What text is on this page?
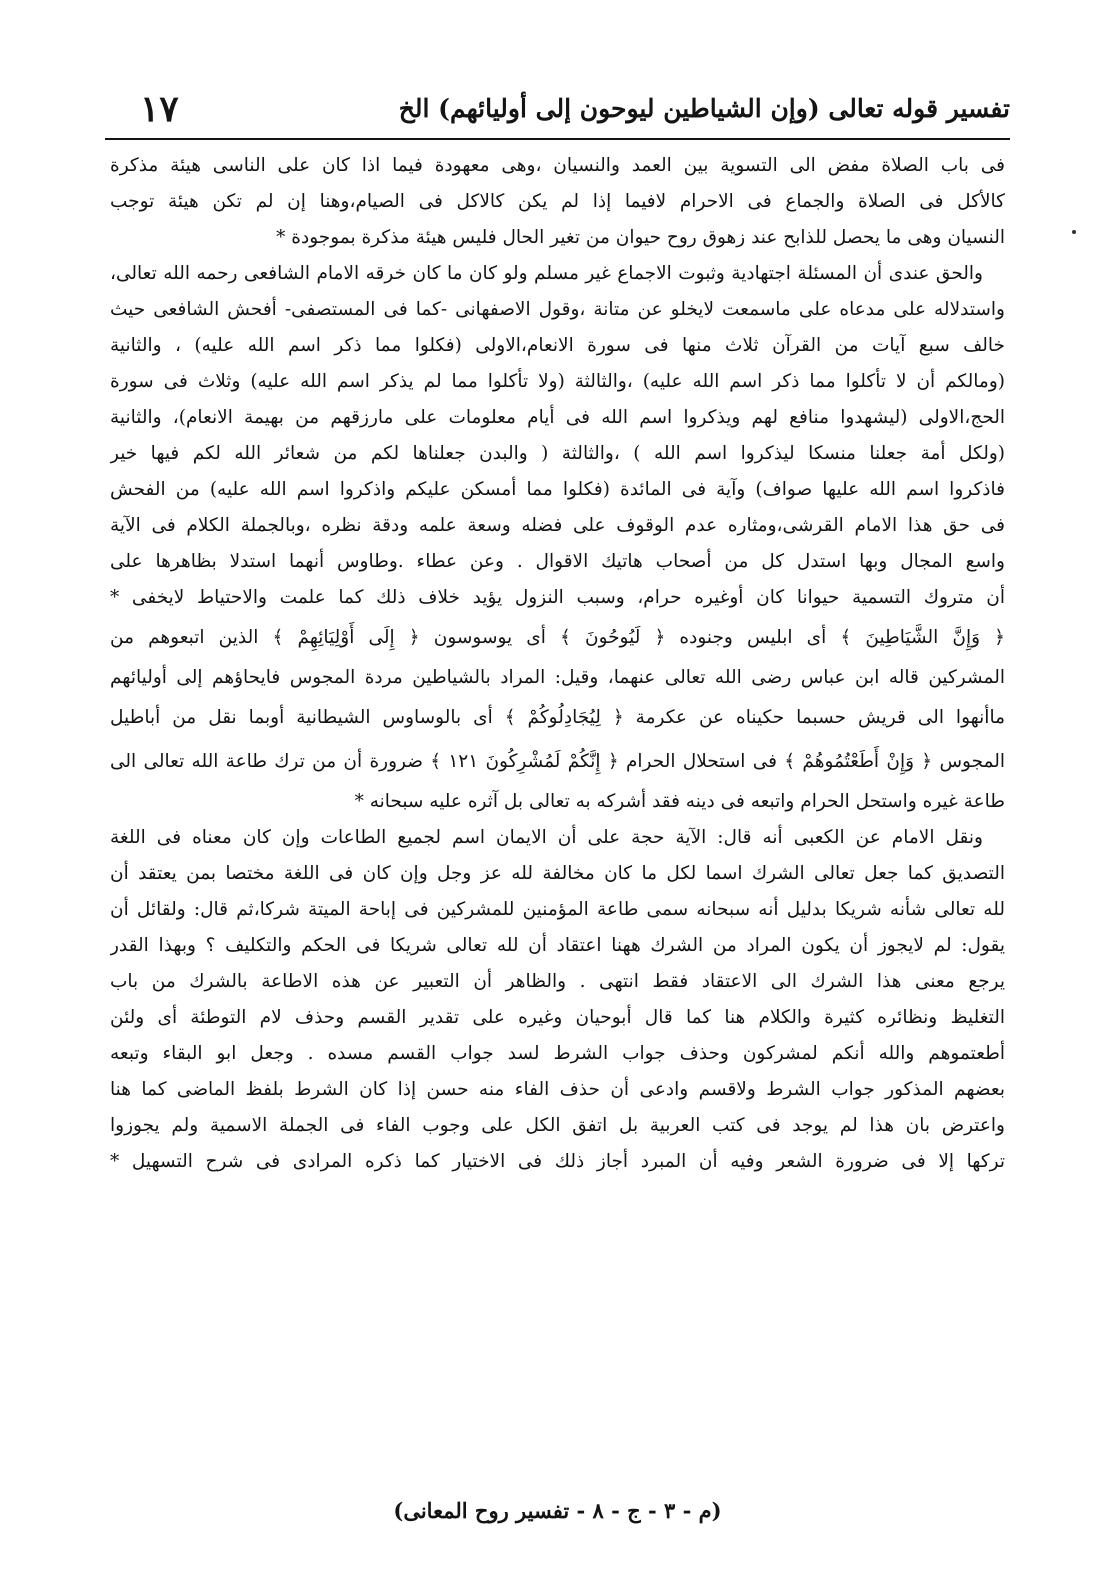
تفسير قوله تعالى (وإن الشياطين ليوحون إلى أوليائهم) الخ
١٧
فى باب الصلاة مفض الى التسوية بين العمد والنسيان ،وهى معهودة فيما اذا كان على الناسى هيئة مذكرة
كالأكل فى الصلاة والجماع فى الاحرام لافيما إذا لم يكن كالاكل فى الصيام،وهنا إن لم تكن هيئة توجب
النسيان وهى ما يحصل للذابح عند زهوق روح حيوان من تغير الحال فليس هيئة مذكرة بموجودة *
والحق عندى أن المسئلة اجتهادية وثبوت الاجماع غير مسلم ولو كان ما كان خرقه الامام الشافعى رحمه الله تعالى،
واستدلاله على مدعاه على ماسمعت لايخلو عن متانة ،وقول الاصفهانى -كما فى المستصفى- أفحش الشافعى حيث
خالف سبع آيات من القرآن ثلاث منها فى سورة الانعام،الاولى (فكلوا مما ذكر اسم الله عليه) ، والثانية
(ومالكم أن لا تأكلوا مما ذكر اسم الله عليه) ،والثالثة (ولا تأكلوا مما لم يذكر اسم الله عليه) وثلاث فى سورة
الحج،الاولى (ليشهدوا منافع لهم ويذكروا اسم الله فى أيام معلومات على مارزقهم من بهيمة الانعام)، والثانية
(ولكل أمة جعلنا منسكا ليذكروا اسم الله ) ،والثالثة ( والبدن جعلناها لكم من شعائر الله لكم فيها خير
فاذكروا اسم الله عليها صواف) وآية فى المائدة (فكلوا مما أمسكن عليكم واذكروا اسم الله عليه) من الفحش
فى حق هذا الامام القرشى،ومثاره عدم الوقوف على فضله وسعة علمه ودقة نظره ،وبالجملة الكلام فى الآية
واسع المجال وبها استدل كل من أصحاب هاتيك الاقوال . وعن عطاء .وطاوس أنهما استدلا بظاهرها على
أن متروك التسمية حيوانا كان أوغيره حرام، وسبب النزول يؤيد خلاف ذلك كما علمت والاحتياط لايخفى *
﴿ وَإِنَّ الشَّيَاطِينَ ﴾ أى ابليس وجنوده ﴿ لَيُوحُونَ ﴾ أى يوسوسون ﴿ إِلَى أَوْلِيَائِهِمْ ﴾ الذين اتبعوهم من
المشركين قاله ابن عباس رضى الله تعالى عنهما، وقيل: المراد بالشياطين مردة المجوس فايحاؤهم إلى أوليائهم
ماأنهوا الى قريش حسبما حكيناه عن عكرمة ﴿ لِيُجَادِلُوكُمْ ﴾ أى بالوساوس الشيطانية أوبما نقل من أباطيل
المجوس ﴿ وَإِنْ أَطَعْتُمُوهُمْ ﴾ فى استحلال الحرام ﴿ إِنَّكُمْ لَمُشْرِكُونَ ١٢١ ﴾ ضرورة أن من ترك طاعة الله تعالى الى
طاعة غيره واستحل الحرام واتبعه فى دينه فقد أشركه به تعالى بل آثره عليه سبحانه *
ونقل الامام عن الكعبى أنه قال: الآية حجة على أن الايمان اسم لجميع الطاعات وإن كان معناه فى اللغة
التصديق كما جعل تعالى الشرك اسما لكل ما كان مخالفة لله عز وجل وإن كان فى اللغة مختصا بمن يعتقد أن
لله تعالى شأنه شريكا بدليل أنه سبحانه سمى طاعة المؤمنين للمشركين فى إباحة الميتة شركا،ثم قال: ولقائل أن
يقول: لم لايجوز أن يكون المراد من الشرك ههنا اعتقاد أن لله تعالى شريكا فى الحكم والتكليف ؟ وبهذا القدر
يرجع معنى هذا الشرك الى الاعتقاد فقط انتهى . والظاهر أن التعبير عن هذه الاطاعة بالشرك من باب
التغليظ ونظائره كثيرة والكلام هنا كما قال أبوحيان وغيره على تقدير القسم وحذف لام التوطئة أى ولئن
أطعتموهم والله أنكم لمشركون وحذف جواب الشرط لسد جواب القسم مسده . وجعل ابو البقاء وتبعه
بعضهم المذكور جواب الشرط ولاقسم وادعى أن حذف الفاء منه حسن إذا كان الشرط بلفظ الماضى كما هنا
واعترض بان هذا لم يوجد فى كتب العربية بل اتفق الكل على وجوب الفاء فى الجملة الاسمية ولم يجوزوا
تركها إلا فى ضرورة الشعر وفيه أن المبرد أجاز ذلك فى الاختيار كما ذكره المرادى فى شرح التسهيل *
(م - ٣ - ج - ٨ - تفسير روح المعانى)
